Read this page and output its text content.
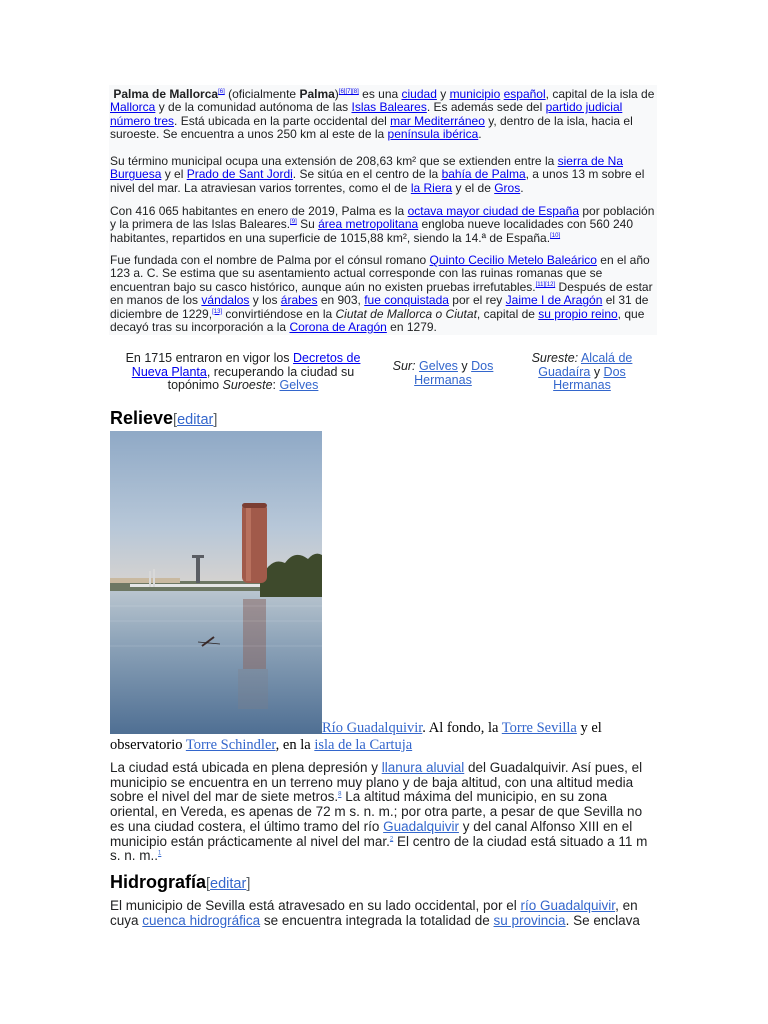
Palma de Mallorca[6] (oficialmente Palma)[6][7][8] es una ciudad y municipio español, capital de la isla de Mallorca y de la comunidad autónoma de las Islas Baleares. Es además sede del partido judicial número tres. Está ubicada en la parte occidental del mar Mediterráneo y, dentro de la isla, hacia el suroeste. Se encuentra a unos 250 km al este de la península ibérica.

Su término municipal ocupa una extensión de 208,63 km² que se extienden entre la sierra de Na Burguesa y el Prado de Sant Jordi. Se sitúa en el centro de la bahía de Palma, a unos 13 m sobre el nivel del mar. La atraviesan varios torrentes, como el de la Riera y el de Gros.

Con 416 065 habitantes en enero de 2019, Palma es la octava mayor ciudad de España por población y la primera de las Islas Baleares.[9] Su área metropolitana engloba nueve localidades con 560 240 habitantes, repartidos en una superficie de 1015,88 km², siendo la 14.ª de España.[10]

Fue fundada con el nombre de Palma por el cónsul romano Quinto Cecilio Metelo Baleárico en el año 123 a. C. Se estima que su asentamiento actual corresponde con las ruinas romanas que se encuentran bajo su casco histórico, aunque aún no existen pruebas irrefutables.[11][12] Después de estar en manos de los vándalos y los árabes en 903, fue conquistada por el rey Jaime I de Aragón el 31 de diciembre de 1229,[13] convirtiéndose en la Ciutat de Mallorca o Ciutat, capital de su propio reino, que decayó tras su incorporación a la Corona de Aragón en 1279.

En 1715 entraron en vigor los Decretos de Nueva Planta, recuperando la ciudad su topónimo Suroeste: Gelves
Sur: Gelves y Dos Hermanas
Sureste: Alcalá de Guadaíra y Dos Hermanas
Relieve[editar]
Río Guadalquivir. Al fondo, la Torre Sevilla y el observatorio Torre Schindler, en la isla de la Cartuja

La ciudad está ubicada en plena depresión y llanura aluvial del Guadalquivir. Así pues, el municipio se encuentra en un terreno muy plano y de baja altitud, con una altitud media sobre el nivel del mar de siete metros.$^8$ La altitud máxima del municipio, en su zona oriental, en Vereda, es apenas de 72 m s. n. m.; por otra parte, a pesar de que Sevilla no es una ciudad costera, el último tramo del río Guadalquivir y del canal Alfonso XIII en el municipio están prácticamente al nivel del mar.$^2$ El centro de la ciudad está situado a 11 m s. n. m..$^1$

Hidrografía[editar]

El municipio de Sevilla está atravesado en su lado occidental, por el río Guadalquivir, en cuya cuenca hidrográfica se encuentra integrada la totalidad de su provincia. Se enclava
